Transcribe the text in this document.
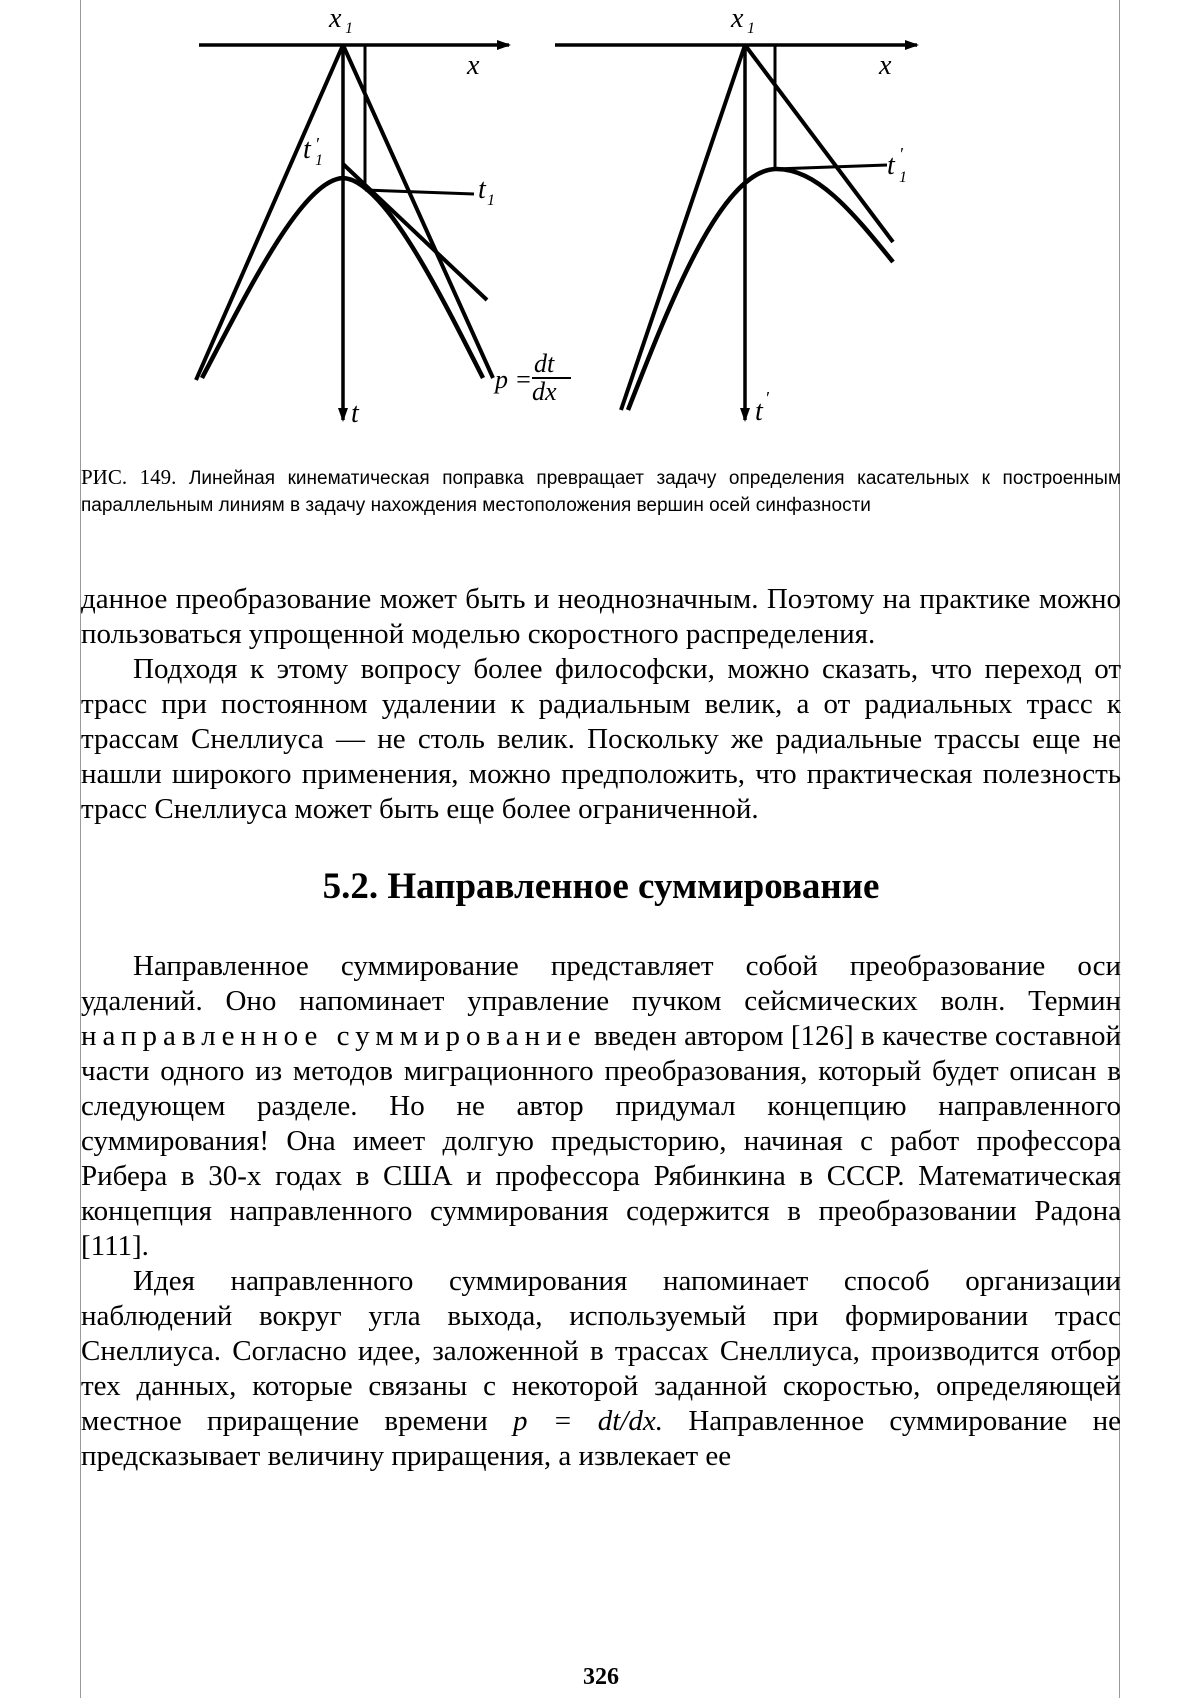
x 1
x
t ′
1
t 1
t
p =
dt
dx
x 1
x
t ′
1
t ′
РИС. 149. Линейная кинематическая поправка превращает задачу определения касательных к построенным параллельным линиям в задачу нахождения местоположения вершин осей синфазности

данное преобразование может быть и неоднозначным. Поэтому на практике можно пользоваться упрощенной моделью скоростного распределения.

Подходя к этому вопросу более философски, можно сказать, что переход от трасс при постоянном удалении к радиальным велик, а от радиальных трасс к трассам Снеллиуса — не столь велик. Поскольку же радиальные трассы еще не нашли широкого применения, можно предположить, что практическая полезность трасс Снеллиуса может быть еще более ограниченной.

5.2. Направленное суммирование

Направленное суммирование представляет собой преобразование оси удалений. Оно напоминает управление пучком сейсмических волн. Термин направленное суммирование введен автором [126] в качестве составной части одного из методов миграционного преобразования, который будет описан в следующем разделе. Но не автор придумал концепцию направленного суммирования! Она имеет долгую предысторию, начиная с работ профессора Рибера в 30-х годах в США и профессора Рябинкина в СССР. Математическая концепция направленного суммирования содержится в преобразовании Радона [111].

Идея направленного суммирования напоминает способ организации наблюдений вокруг угла выхода, используемый при формировании трасс Снеллиуса. Согласно идее, заложенной в трассах Снеллиуса, производится отбор тех данных, которые связаны с некоторой заданной скоростью, определяющей местное приращение времени p = dt/dx. Направленное суммирование не предсказывает величину приращения, а извлекает ее

326
